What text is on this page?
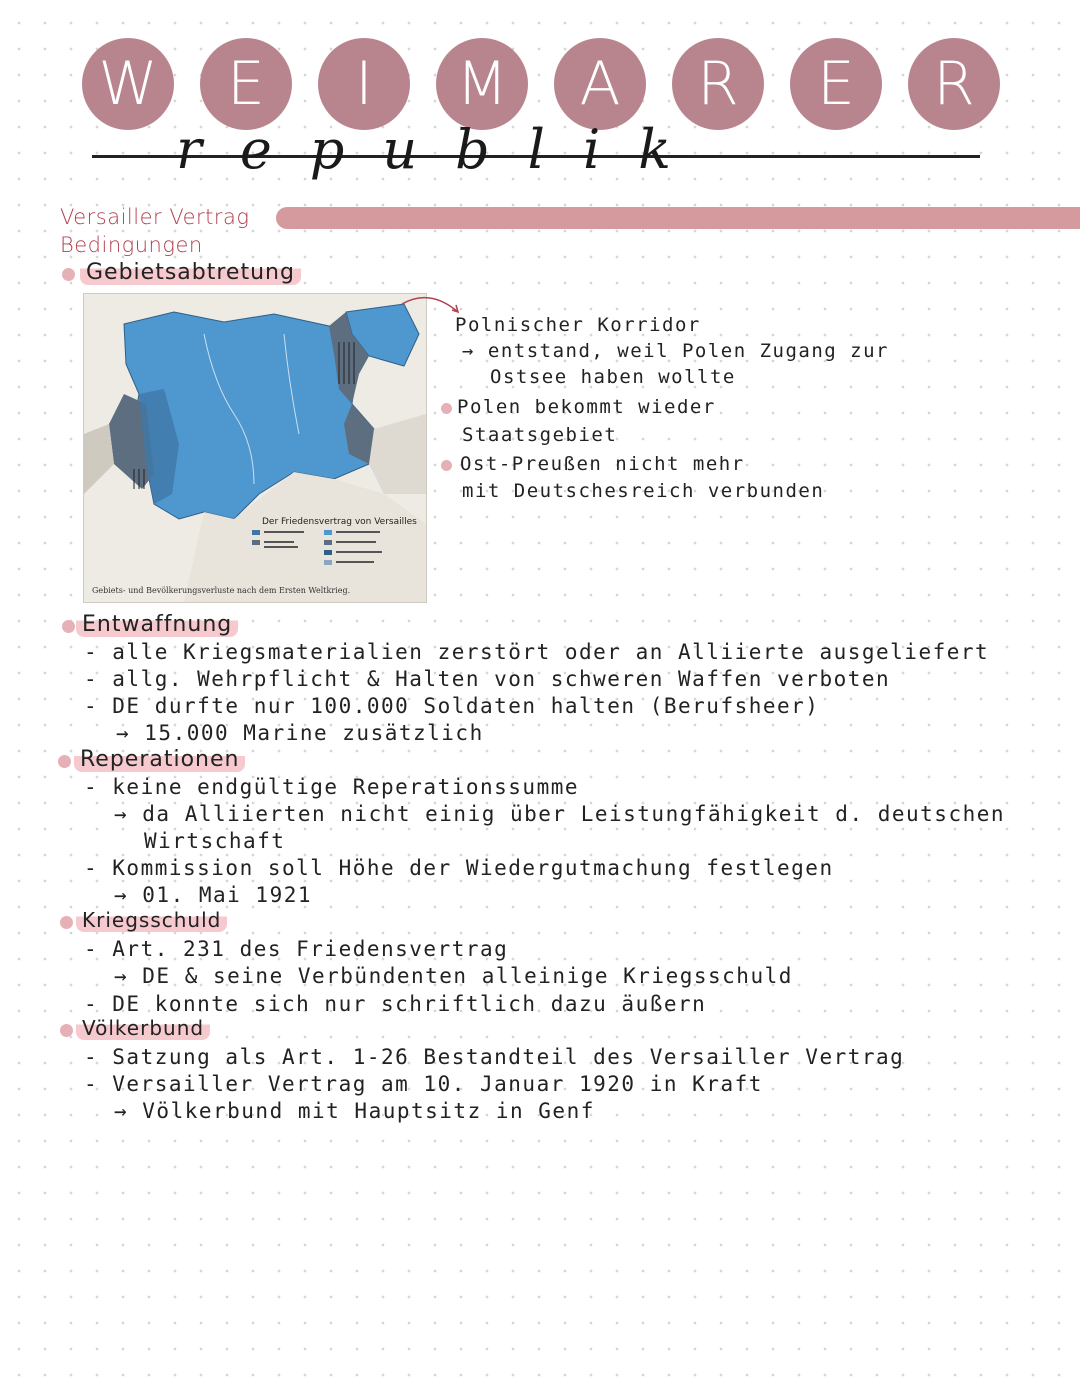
W	E	I	M	A	R	E	R
republik
Versailler Vertrag
Bedingungen
Gebietsabtretung
Der Friedensvertrag von Versailles
Gebiets- und Bevölkerungsverluste nach dem Ersten Weltkrieg.
Polnischer Korridor
→ entstand, weil Polen Zugang zur
Ostsee haben wollte
Polen bekommt wieder
Staatsgebiet
Ost-Preußen nicht mehr
mit Deutschesreich verbunden
Entwaffnung
- alle Kriegsmaterialien zerstört oder an Alliierte ausgeliefert
- allg. Wehrpflicht & Halten von schweren Waffen verboten
- DE durfte nur 100.000 Soldaten halten (Berufsheer)
→ 15.000 Marine zusätzlich
Reperationen
- keine endgültige Reperationssumme
→ da Alliierten nicht einig über Leistungfähigkeit d. deutschen
Wirtschaft
- Kommission soll Höhe der Wiedergutmachung festlegen
→ 01. Mai 1921
Kriegsschuld
- Art. 231 des Friedensvertrag
→ DE & seine Verbündenten alleinige Kriegsschuld
- DE konnte sich nur schriftlich dazu äußern
Völkerbund
- Satzung als Art. 1-26 Bestandteil des Versailler Vertrag
- Versailler Vertrag am 10. Januar 1920 in Kraft
→ Völkerbund mit Hauptsitz in Genf
